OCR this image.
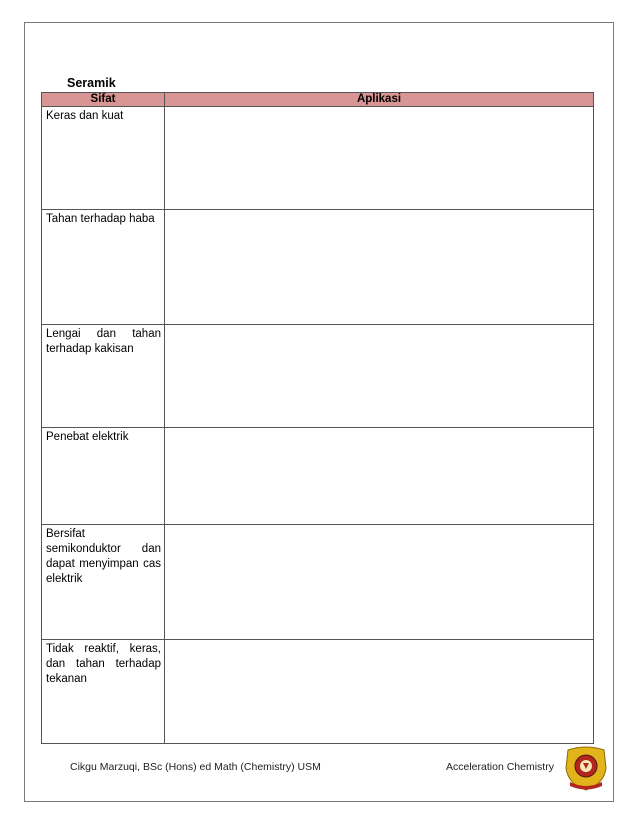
Seramik
Sifat	Aplikasi
Keras dan kuat	
Tahan terhadap haba	
Lengai dan tahan terhadap kakisan	
Penebat elektrik	
Bersifat semikonduktor dan dapat menyimpan cas elektrik	
Tidak reaktif, keras, dan tahan terhadap tekanan	
Cikgu Marzuqi, BSc (Hons) ed Math (Chemistry) USM	Acceleration Chemistry
